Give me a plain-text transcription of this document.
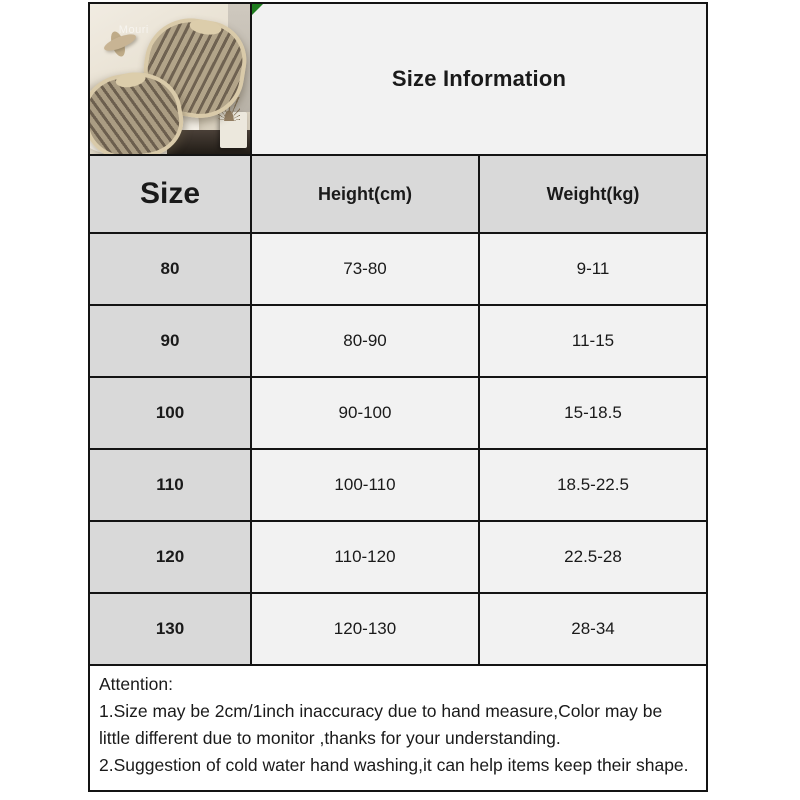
Mouri
Size Information
Size	Height(cm)	Weight(kg)
80	73-80	9-11
90	80-90	11-15
100	90-100	15-18.5
110	100-110	18.5-22.5
120	110-120	22.5-28
130	120-130	28-34
Attention:
1.Size may be 2cm/1inch inaccuracy due to hand measure,Color may be little different due to monitor ,thanks for your understanding.
2.Suggestion of cold water hand washing,it can help items keep their shape.
